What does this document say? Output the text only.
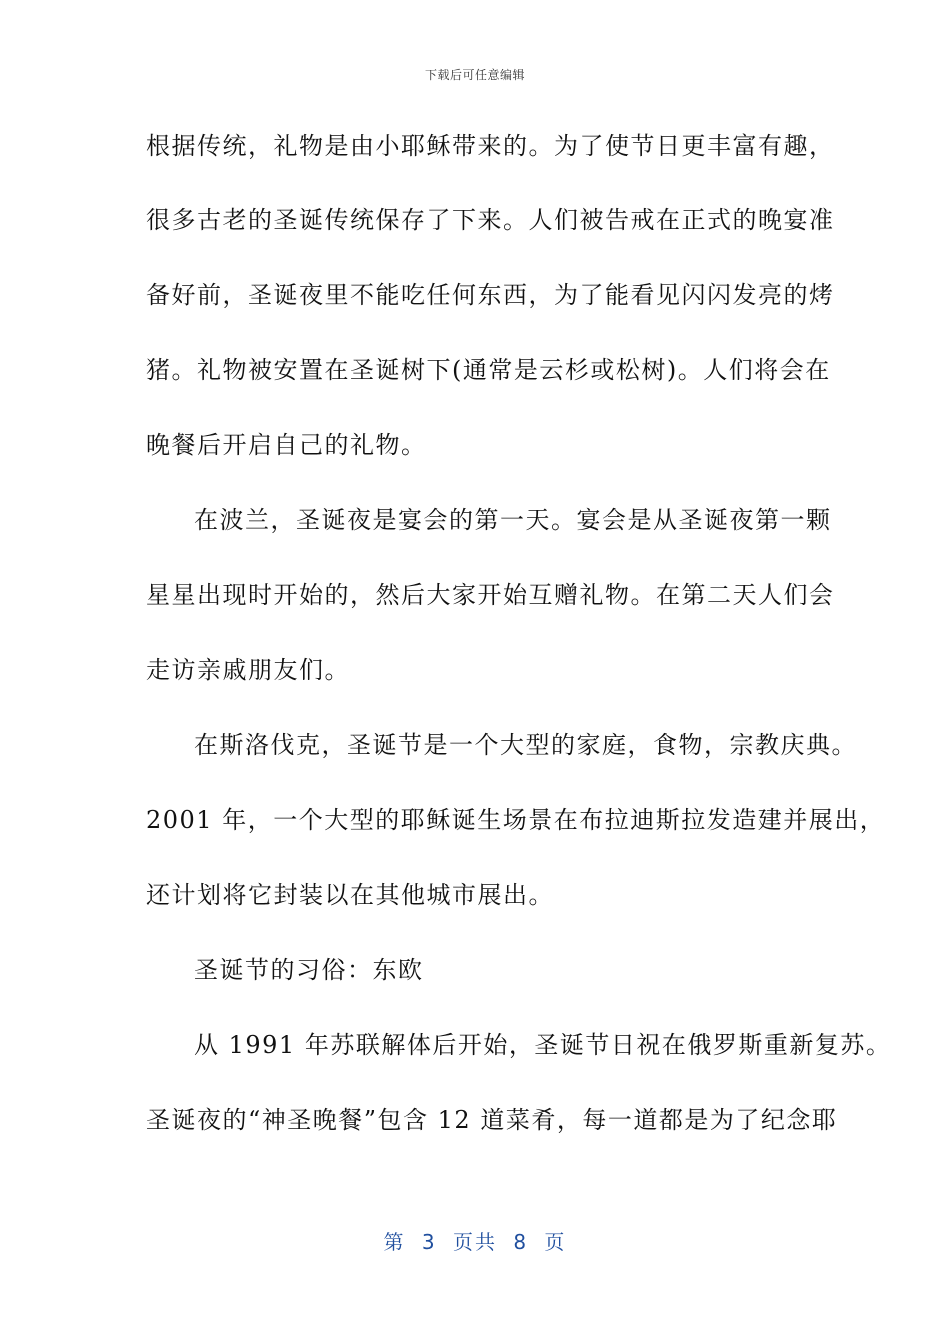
下载后可任意编辑
根据传统，礼物是由小耶稣带来的。为了使节日更丰富有趣，
很多古老的圣诞传统保存了下来。人们被告戒在正式的晚宴准
备好前，圣诞夜里不能吃任何东西，为了能看见闪闪发亮的烤
猪。礼物被安置在圣诞树下(通常是云杉或松树)。人们将会在
晚餐后开启自己的礼物。
在波兰，圣诞夜是宴会的第一天。宴会是从圣诞夜第一颗
星星出现时开始的，然后大家开始互赠礼物。在第二天人们会
走访亲戚朋友们。
在斯洛伐克，圣诞节是一个大型的家庭，食物，宗教庆典。
2001 年，一个大型的耶稣诞生场景在布拉迪斯拉发造建并展出，
还计划将它封装以在其他城市展出。
圣诞节的习俗：东欧
从 1991 年苏联解体后开始，圣诞节日祝在俄罗斯重新复苏。
圣诞夜的“神圣晚餐”包含 12 道菜肴，每一道都是为了纪念耶
第 3 页共 8 页
